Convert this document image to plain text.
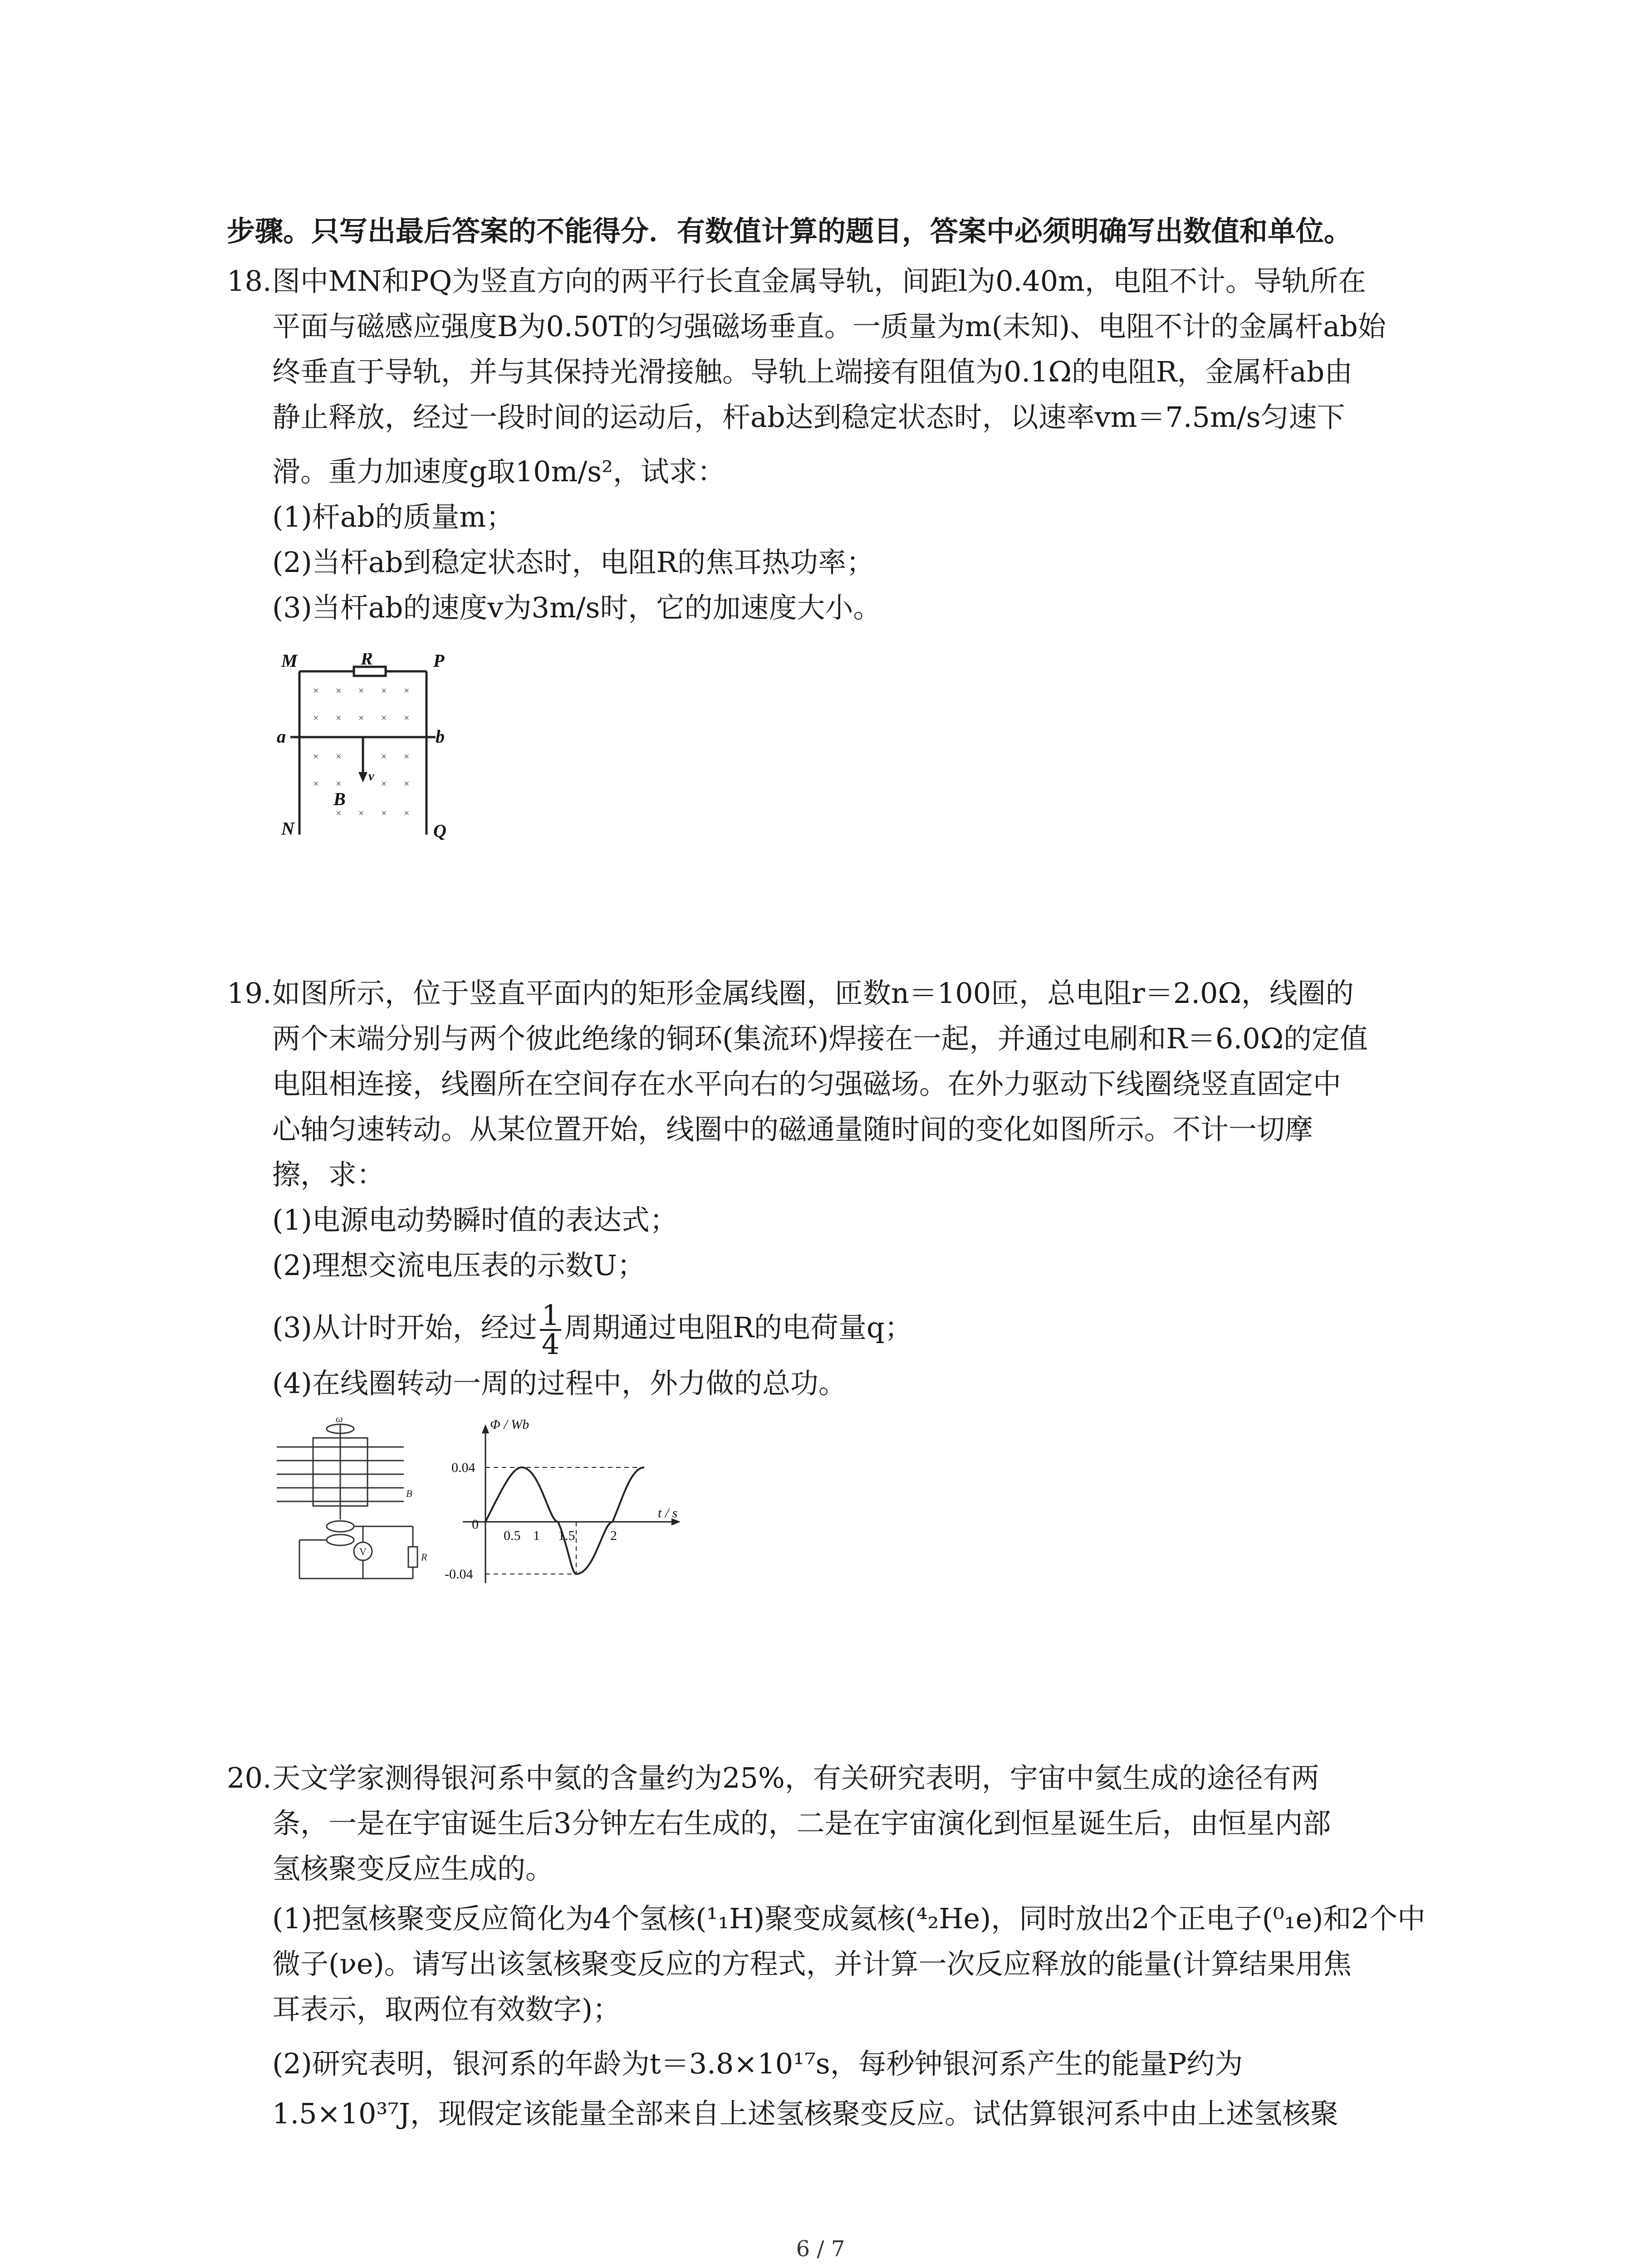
步骤。只写出最后答案的不能得分．有数值计算的题目，答案中必须明确写出数值和单位。
18. 图中MN和PQ为竖直方向的两平行长直金属导轨，间距l为0.40m，电阻不计。导轨所在
平面与磁感应强度B为0.50T的匀强磁场垂直。一质量为m(未知)、电阻不计的金属杆ab始
终垂直于导轨，并与其保持光滑接触。导轨上端接有阻值为0.1Ω的电阻R，金属杆ab由
静止释放，经过一段时间的运动后，杆ab达到稳定状态时，以速率vm＝7.5m/s匀速下
滑。重力加速度g取10m/s²，试求：
(1)杆ab的质量m；
(2)当杆ab到稳定状态时，电阻R的焦耳热功率；
(3)当杆ab的速度v为3m/s时，它的加速度大小。
× × × × ×
× × × × ×
× ×	× ×
× ×	× ×
× × × ×
M	R	P
a	b
N	Q
B
v
19. 如图所示，位于竖直平面内的矩形金属线圈，匝数n＝100匝，总电阻r＝2.0Ω，线圈的
两个末端分别与两个彼此绝缘的铜环(集流环)焊接在一起，并通过电刷和R＝6.0Ω的定值
电阻相连接，线圈所在空间存在水平向右的匀强磁场。在外力驱动下线圈绕竖直固定中
心轴匀速转动。从某位置开始，线圈中的磁通量随时间的变化如图所示。不计一切摩
擦，求：
(1)电源电动势瞬时值的表达式；
(2)理想交流电压表的示数U；
(3)从计时开始，经过 $\frac{1}{4}$ 周期通过电阻R的电荷量q；
(4)在线圈转动一周的过程中，外力做的总功。
ω
B
V	R
Φ / Wb
t / s
0
0.04
-0.04
0.5 1 1.5	2
20. 天文学家测得银河系中氦的含量约为25%，有关研究表明，宇宙中氦生成的途径有两
条，一是在宇宙诞生后3分钟左右生成的，二是在宇宙演化到恒星诞生后，由恒星内部
氢核聚变反应生成的。
(1)把氢核聚变反应简化为4个氢核(¹₁H)聚变成氦核(⁴₂He)，同时放出2个正电子(⁰₁e)和2个中
微子(νe)。请写出该氢核聚变反应的方程式，并计算一次反应释放的能量(计算结果用焦
耳表示，取两位有效数字)；
(2)研究表明，银河系的年龄为t＝3.8×10¹⁷s，每秒钟银河系产生的能量P约为
1.5×10³⁷J，现假定该能量全部来自上述氢核聚变反应。试估算银河系中由上述氢核聚
6 / 7
